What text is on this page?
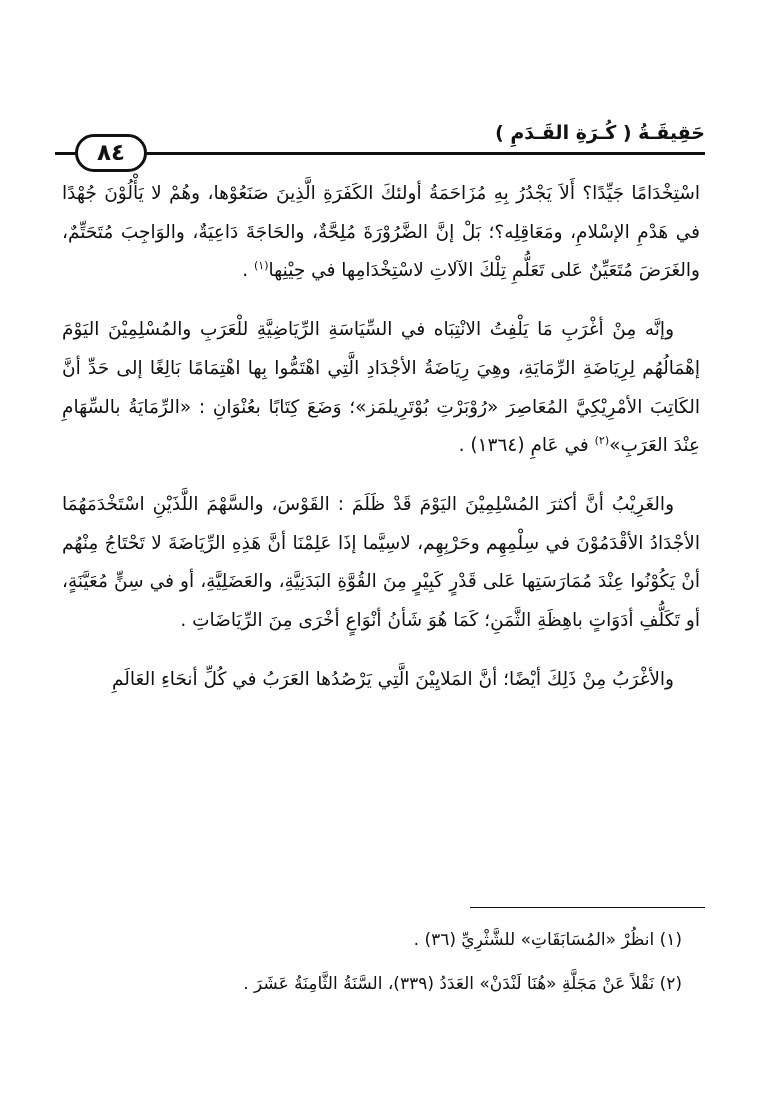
حَقِيقَـةُ ( كُـرَةِ القَـدَمِ )
٨٤

اسْتِخْدَامًا جَيِّدًا؟ أَلاَ يَجْدُرُ بِهِ مُزَاحَمَةُ أولئكَ الكَفَرَةِ الَّذِينَ صَنَعُوْها، وهُمْ لا يَأْلُوْنَ جُهْدًا في هَدْمِ الإسْلامِ، ومَعَاقِلِه؟؛ بَلْ إنَّ الضَّرُوْرَةَ مُلِحَّةٌ، والحَاجَةَ دَاعِيَةٌ، والوَاجِبَ مُتَحَتِّمٌ، والغَرَضَ مُتَعَيِّنٌ عَلى تَعَلُّمِ تِلْكَ الآلاتِ لاسْتِخْدَامِها في حِيْنِها$^{(١)}$ .

وإنَّه مِنْ أغْرَبِ مَا يَلْفِتُ الانْتِبَاه في السِّيَاسَةِ الرِّيَاضِيَّةِ للْعَرَبِ والمُسْلِمِيْنَ اليَوْمَ إهْمَالُهُم لِرِيَاضَةِ الرِّمَايَةِ، وهِيَ رِيَاضَةُ الأجْدَادِ الَّتِي اهْتَمُّوا بِها اهْتِمَامًا بَالِغًا إلى حَدِّ أنَّ الكَاتِبَ الأمْرِيْكِيَّ المُعَاصِرَ «رُوْبَرْتِ بُوْتَرِيلمَز»؛ وَضَعَ كِتَابًا بعُنْوَانِ : «الرِّمَايَةُ بالسِّهَامِ عِنْدَ العَرَبِ»$^{(٢)}$ في عَامِ (١٣٦٤) .

والغَرِيْبُ أنَّ أكثرَ المُسْلِمِيْنَ اليَوْمَ قَدْ ظَلَمَ : القَوْسَ، والسَّهْمَ اللَّذَيْنِ اسْتَخْدَمَهُمَا الأجْدَادُ الأقْدَمُوْنَ في سِلْمِهِم وحَرْبِهِم، لاسِيَّما إذَا عَلِمْنَا أنَّ هَذِهِ الرِّيَاضَةَ لا تَحْتَاجُ مِنْهُم أنْ يَكُوْنُوا عِنْدَ مُمَارَسَتِها عَلى قَدْرٍ كَبِيْرٍ مِنَ القُوَّةِ البَدَنِيَّةِ، والعَضَلِيَّةِ، أو في سِنٍّ مُعَيَّنَةٍ، أو تَكَلُّفِ أدَوَاتٍ باهِظَةِ الثَّمَنِ؛ كَمَا هُوَ شَأنُ أنْوَاعٍ أخْرَى مِنَ الرِّيَاضَاتِ .

والأغْرَبُ مِنْ ذَلِكَ أيْضًا؛ أنَّ المَلايِيْنَ الَّتِي يَرْصُدُها العَرَبُ في كُلِّ أنحَاءِ العَالَمِ

(١) انظُرْ «المُسَابَقَاتِ» للشَّثْرِيِّ (٣٦) .
(٢) نَقْلاً عَنْ مَجَلَّةِ «هُنَا لَنْدَنْ» العَدَدُ (٣٣٩)، السَّنَةُ الثَّامِنَةُ عَشَرَ .
